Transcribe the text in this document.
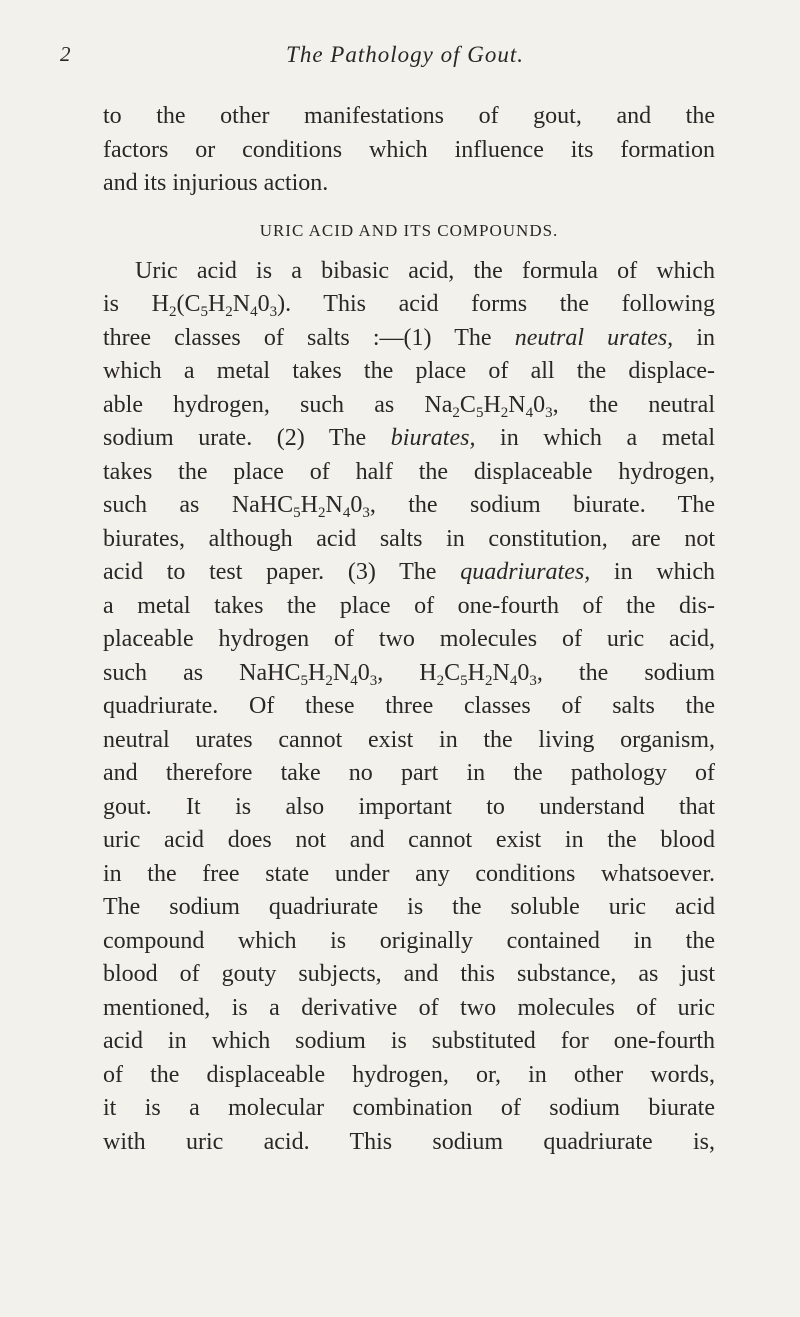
2	The Pathology of Gout.
to the other manifestations of gout, and the
factors or conditions which influence its formation
and its injurious action.
URIC ACID AND ITS COMPOUNDS.
Uric acid is a bibasic acid, the formula of which
is $H_2(C_5H_2N_40_3)$. This acid forms the following
three classes of salts :—(1) The neutral urates, in
which a metal takes the place of all the displace-
able hydrogen, such as $Na_2C_5H_2N_40_3$, the neutral
sodium urate. (2) The biurates, in which a metal
takes the place of half the displaceable hydrogen,
such as $NaHC_5H_2N_40_3$, the sodium biurate. The
biurates, although acid salts in constitution, are not
acid to test paper. (3) The quadriurates, in which
a metal takes the place of one-fourth of the dis-
placeable hydrogen of two molecules of uric acid,
such as $NaHC_5H_2N_40_3$, $H_2C_5H_2N_40_3$, the sodium
quadriurate. Of these three classes of salts the
neutral urates cannot exist in the living organism,
and therefore take no part in the pathology of
gout. It is also important to understand that
uric acid does not and cannot exist in the blood
in the free state under any conditions whatsoever.
The sodium quadriurate is the soluble uric acid
compound which is originally contained in the
blood of gouty subjects, and this substance, as just
mentioned, is a derivative of two molecules of uric
acid in which sodium is substituted for one-fourth
of the displaceable hydrogen, or, in other words,
it is a molecular combination of sodium biurate
with uric acid. This sodium quadriurate is,
